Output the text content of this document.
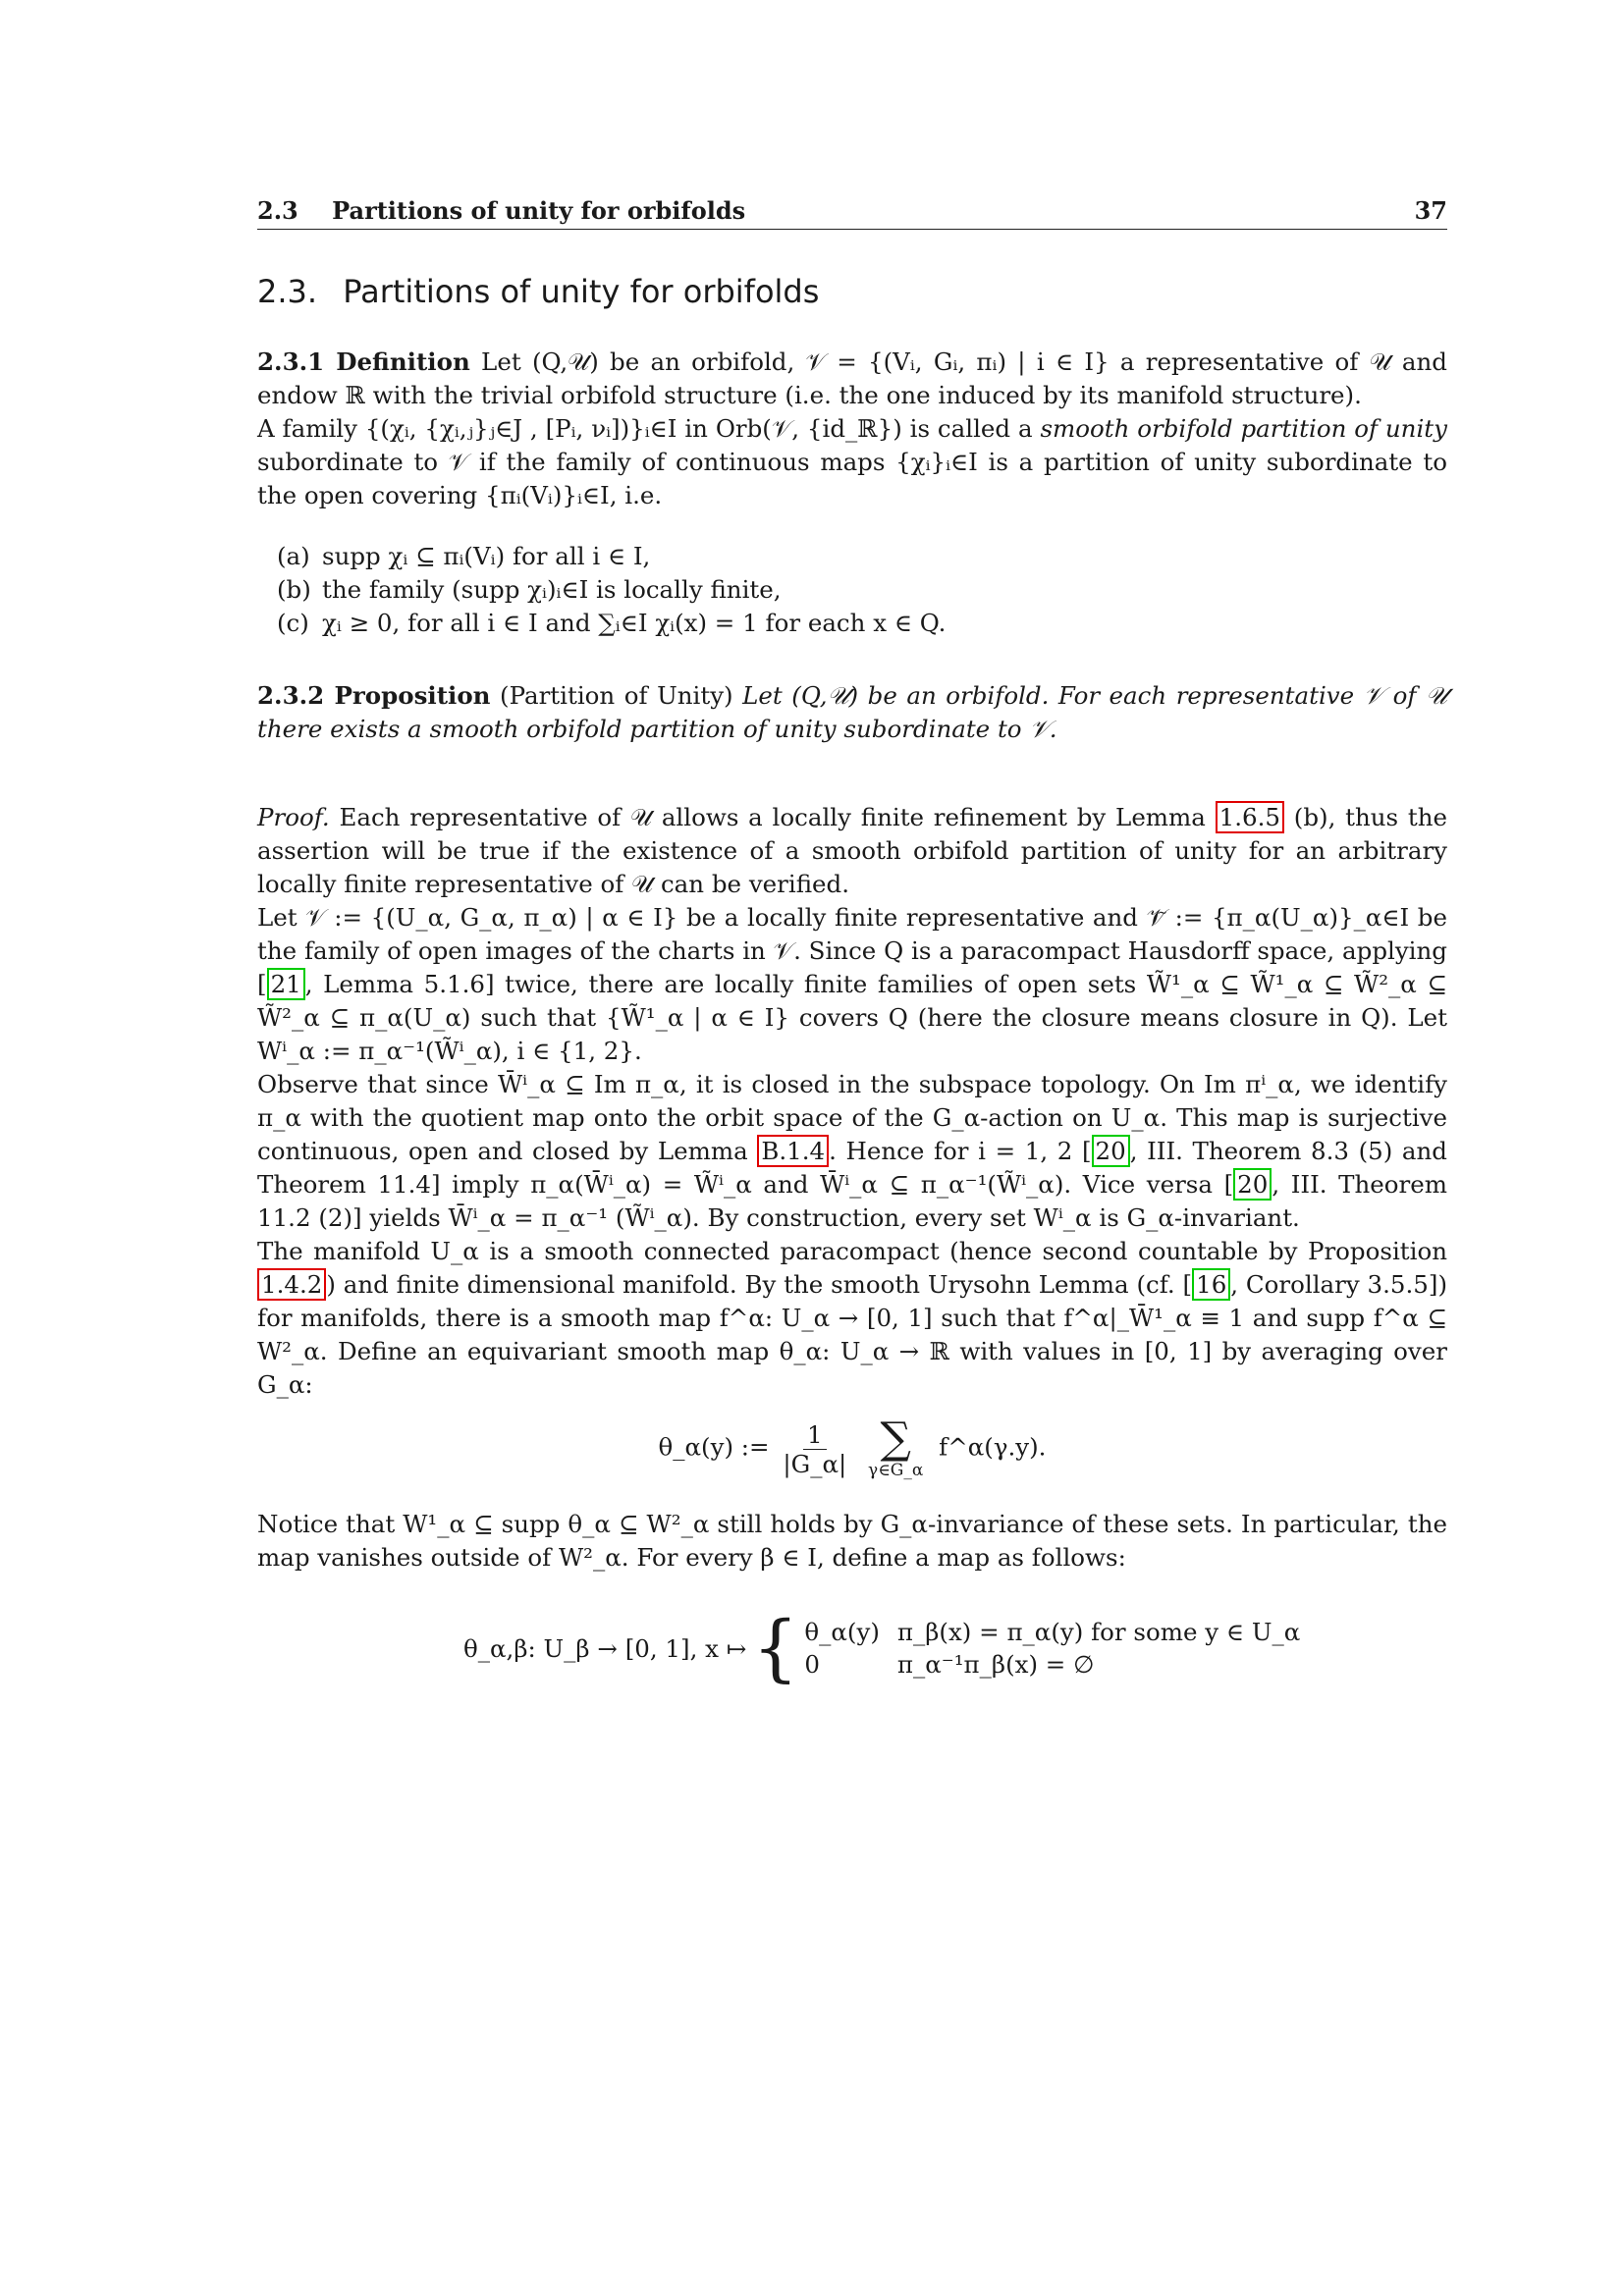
2.3 Partitions of unity for orbifolds	37
2.3. Partitions of unity for orbifolds

2.3.1 Definition Let (Q,𝒰) be an orbifold, 𝒱 = {(Vᵢ, Gᵢ, πᵢ) | i ∈ I} a representative of 𝒰 and endow ℝ with the trivial orbifold structure (i.e. the one induced by its manifold structure).

A family {(χᵢ, {χᵢ,ⱼ}ⱼ∈J , [Pᵢ, νᵢ])}ᵢ∈I in Orb(𝒱, {id_ℝ}) is called a smooth orbifold partition of unity subordinate to 𝒱 if the family of continuous maps {χᵢ}ᵢ∈I is a partition of unity subordinate to the open covering {πᵢ(Vᵢ)}ᵢ∈I, i.e.

(a) supp χᵢ ⊆ πᵢ(Vᵢ) for all i ∈ I,
(b) the family (supp χᵢ)ᵢ∈I is locally finite,
(c) χᵢ ≥ 0, for all i ∈ I and ∑ᵢ∈I χᵢ(x) = 1 for each x ∈ Q.

2.3.2 Proposition (Partition of Unity) Let (Q,𝒰) be an orbifold. For each representative 𝒱 of 𝒰 there exists a smooth orbifold partition of unity subordinate to 𝒱.

Proof. Each representative of 𝒰 allows a locally finite refinement by Lemma 1.6.5 (b), thus the assertion will be true if the existence of a smooth orbifold partition of unity for an arbitrary locally finite representative of 𝒰 can be verified.

Let 𝒱 := {(U_α, G_α, π_α) | α ∈ I} be a locally finite representative and 𝒱̃ := {π_α(U_α)}_α∈I be the family of open images of the charts in 𝒱. Since Q is a paracompact Hausdorff space, applying [ 21 , Lemma 5.1.6] twice, there are locally finite families of open sets W̃¹_α ⊆ W̃¹_α ⊆ W̃²_α ⊆ W̃²_α ⊆ π_α(U_α) such that {W̃¹_α | α ∈ I} covers Q (here the closure means closure in Q). Let Wⁱ_α := π_α⁻¹(W̃ⁱ_α), i ∈ {1, 2}.

Observe that since W̄ⁱ_α ⊆ Im π_α, it is closed in the subspace topology. On Im πⁱ_α, we identify π_α with the quotient map onto the orbit space of the G_α-action on U_α. This map is surjective continuous, open and closed by Lemma B.1.4 . Hence for i = 1, 2 [ 20 , III. Theorem 8.3 (5) and Theorem 11.4] imply π_α(W̄ⁱ_α) = W̃ⁱ_α and W̄ⁱ_α ⊆ π_α⁻¹(W̃ⁱ_α). Vice versa [ 20 , III. Theorem 11.2 (2)] yields W̄ⁱ_α = π_α⁻¹ (W̃ⁱ_α). By construction, every set Wⁱ_α is G_α-invariant.

The manifold U_α is a smooth connected paracompact (hence second countable by Proposition 1.4.2 ) and finite dimensional manifold. By the smooth Urysohn Lemma (cf. [ 16 , Corollary 3.5.5]) for manifolds, there is a smooth map f^α: U_α → [0, 1] such that f^α|_W̄¹_α ≡ 1 and supp f^α ⊆ W²_α. Define an equivariant smooth map θ_α: U_α → ℝ with values in [0, 1] by averaging over G_α:

θ_α(y) := $\frac{1}{|G\_\alpha|}$
∑
γ∈G_α
f^α(γ.y).

Notice that W¹_α ⊆ supp θ_α ⊆ W²_α still holds by G_α-invariance of these sets. In particular, the map vanishes outside of W²_α. For every β ∈ I, define a map as follows:

θ_α,β: U_β → [0, 1], x ↦ { θ_α(y)	π_β(x) = π_α(y) for some y ∈ U_α
0	π_α⁻¹π_β(x) = ∅
